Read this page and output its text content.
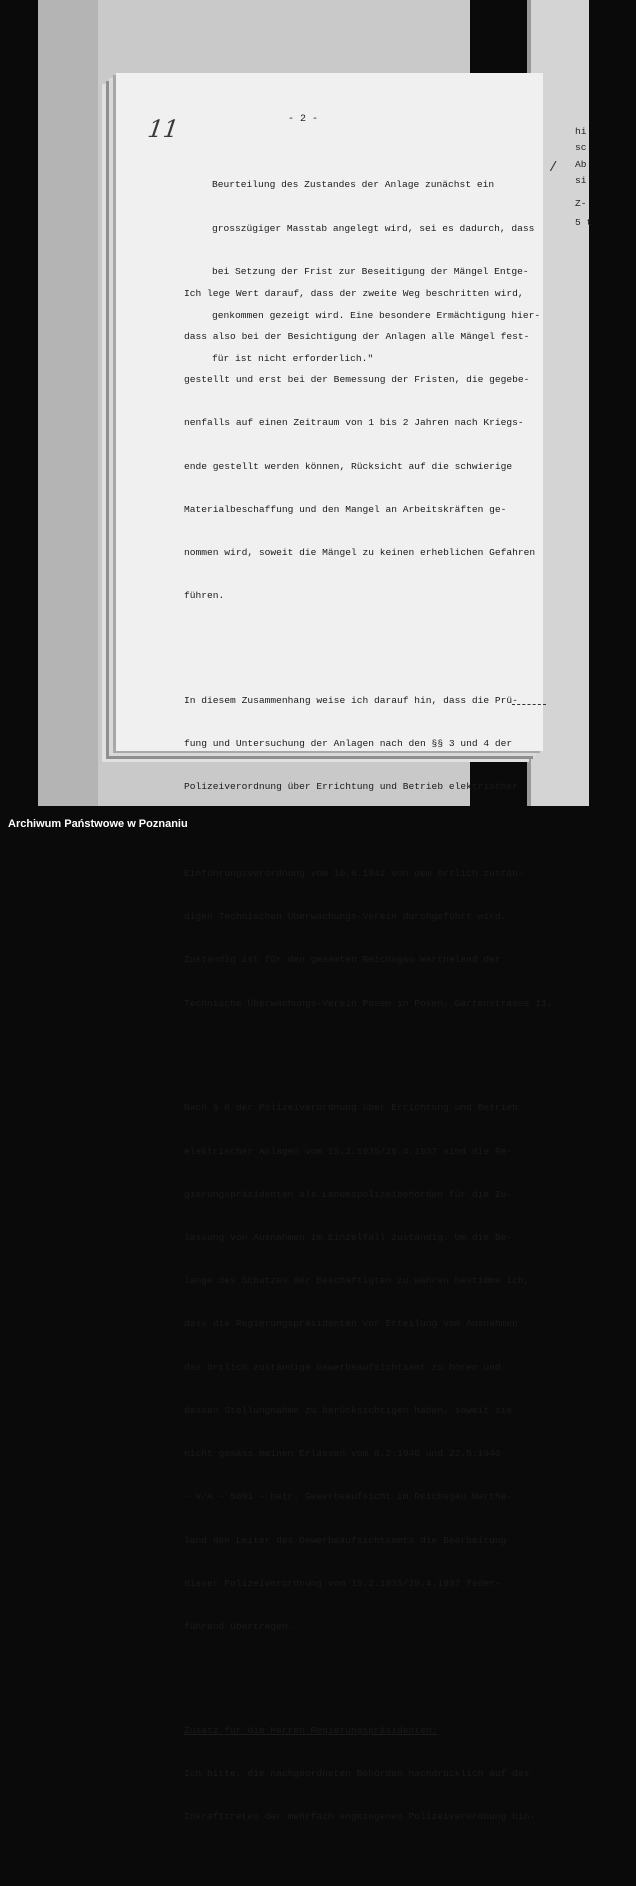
hi
sc
Ab
si
Z-
5 t
11	- 2 -

Beurteilung des Zustandes der Anlage zunächst ein

grosszügiger Masstab angelegt wird, sei es dadurch, dass

bei Setzung der Frist zur Beseitigung der Mängel Entge-

genkommen gezeigt wird. Eine besondere Ermächtigung hier-

für ist nicht erforderlich."

Ich lege Wert darauf, dass der zweite Weg beschritten wird,

dass also bei der Besichtigung der Anlagen alle Mängel fest-

gestellt und erst bei der Bemessung der Fristen, die gegebe-

nenfalls auf einen Zeitraum von 1 bis 2 Jahren nach Kriegs-

ende gestellt werden können, Rücksicht auf die schwierige

Materialbeschaffung und den Mangel an Arbeitskräften ge-

nommen wird, soweit die Mängel zu keinen erheblichen Gefahren

führen.

In diesem Zusammenhang weise ich darauf hin, dass die Prü-

fung und Untersuchung der Anlagen nach den §§ 3 und 4 der

Polizeiverordnung über Errichtung und Betrieb elektrischer

Einführungsverordnung vom 10.8.1942 von dem örtlich zustän-

digen Technischen Überwachungs-Verein durchgeführt wird.

Zuständig ist für den gesamten Reichsgau Wartheland der

Technische Überwachungs-Verein Posen in Posen, Gartenstrasse 11.

Nach § 6 der Polizeiverordnung über Errichtung und Betrieb

elektrischer Anlagen vom 15.2.1935/29.4.1937 sind die Re-

gierungspräsidenten als Landespolizeibehörden für die Zu-

lassung von Ausnahmen im Einzelfall zuständig. Um die Be-

lange des Schutzes der Beschäftigten zu wahren bestimme ich,

dass die Regierungspräsidenten vor Erteilung von Ausnahmen

das örtlich zuständige Gewerbeaufsichtsamt zu hören und

dessen Stellungnahme zu berücksichtigen haben, soweit sie

nicht gemäss meinen Erlassen vom 8.2.1940 und 22.5.1940

- V/A - 5801 - betr. Gewerbeaufsicht im Reichsgau Warthe-

land den Leiter des Gewerbeaufsichtsamts die Bearbeitung

dieser Polizeiverordnung vom 15.2.1935/29.4.1937 feder-

führend übertragen.

Zusatz für die Herren Regierungspräsidenten:

Ich bitte, die nachgeordneten Behörden nachdrücklich auf das

Inkrafttreten der mehrfach angezogenen Polizeiverordnung hin-

/
Archiwum Państwowe w Poznaniu
